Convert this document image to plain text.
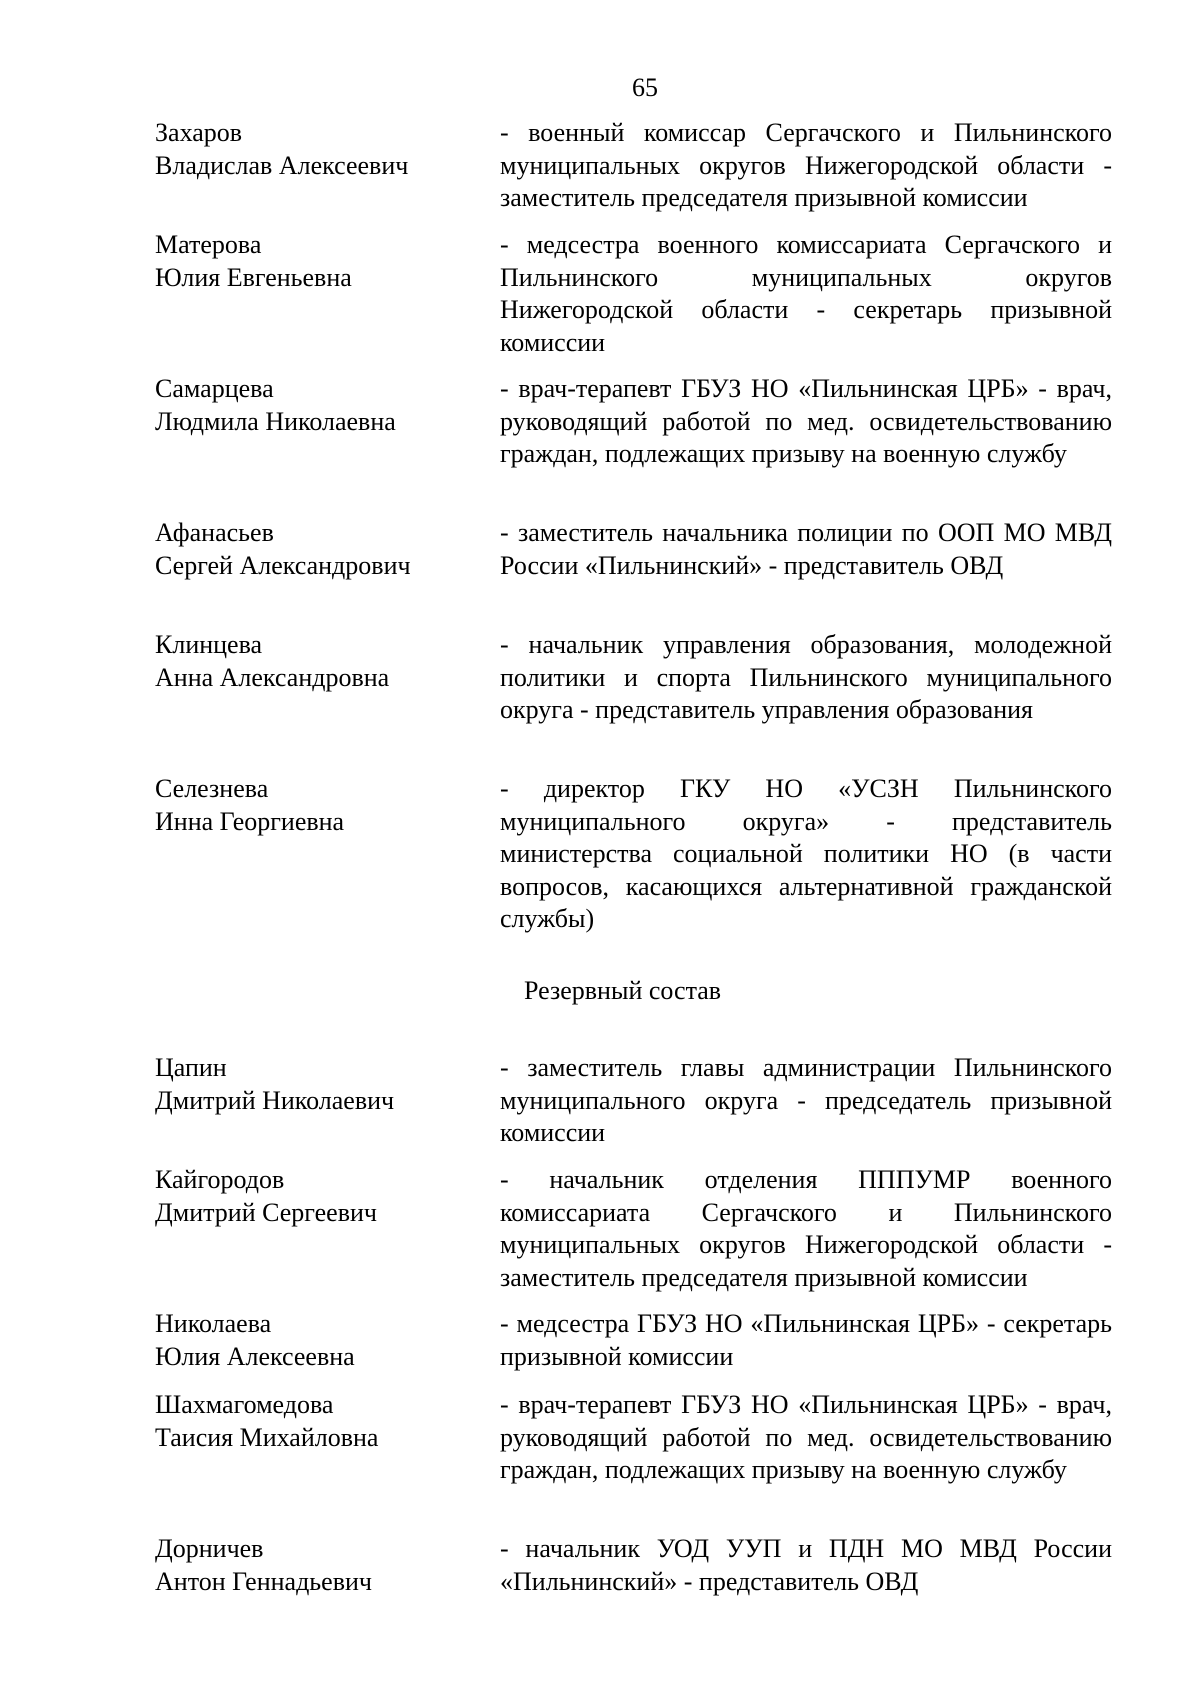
65
Захаров
Владислав Алексеевич
- военный комиссар Сергачского и Пильнинского муниципальных округов Нижегородской области - заместитель председателя призывной комиссии
Матерова
Юлия Евгеньевна
- медсестра военного комиссариата Сергачского и Пильнинского муниципальных округов Нижегородской области - секретарь призывной комиссии
Самарцева
Людмила Николаевна
- врач-терапевт ГБУЗ НО «Пильнинская ЦРБ» - врач, руководящий работой по мед. освидетельствованию граждан, подлежащих призыву на военную службу
Афанасьев
Сергей Александрович
- заместитель начальника полиции по ООП МО МВД России «Пильнинский» - представитель ОВД
Клинцева
Анна Александровна
- начальник управления образования, молодежной политики и спорта Пильнинского муниципального округа - представитель управления образования
Селезнева
Инна Георгиевна
- директор ГКУ НО «УСЗН Пильнинского муниципального округа» - представитель министерства социальной политики НО (в части вопросов, касающихся альтернативной гражданской службы)
Резервный состав
Цапин
Дмитрий Николаевич
- заместитель главы администрации Пильнинского муниципального округа - председатель призывной комиссии
Кайгородов
Дмитрий Сергеевич
- начальник отделения ПППУМР военного комиссариата Сергачского и Пильнинского муниципальных округов Нижегородской области - заместитель председателя призывной комиссии
Николаева
Юлия Алексеевна
- медсестра ГБУЗ НО «Пильнинская ЦРБ» - секретарь призывной комиссии
Шахмагомедова
Таисия Михайловна
- врач-терапевт ГБУЗ НО «Пильнинская ЦРБ» - врач, руководящий работой по мед. освидетельствованию граждан, подлежащих призыву на военную службу
Дорничев
Антон Геннадьевич
- начальник УОД УУП и ПДН МО МВД России «Пильнинский» - представитель ОВД
